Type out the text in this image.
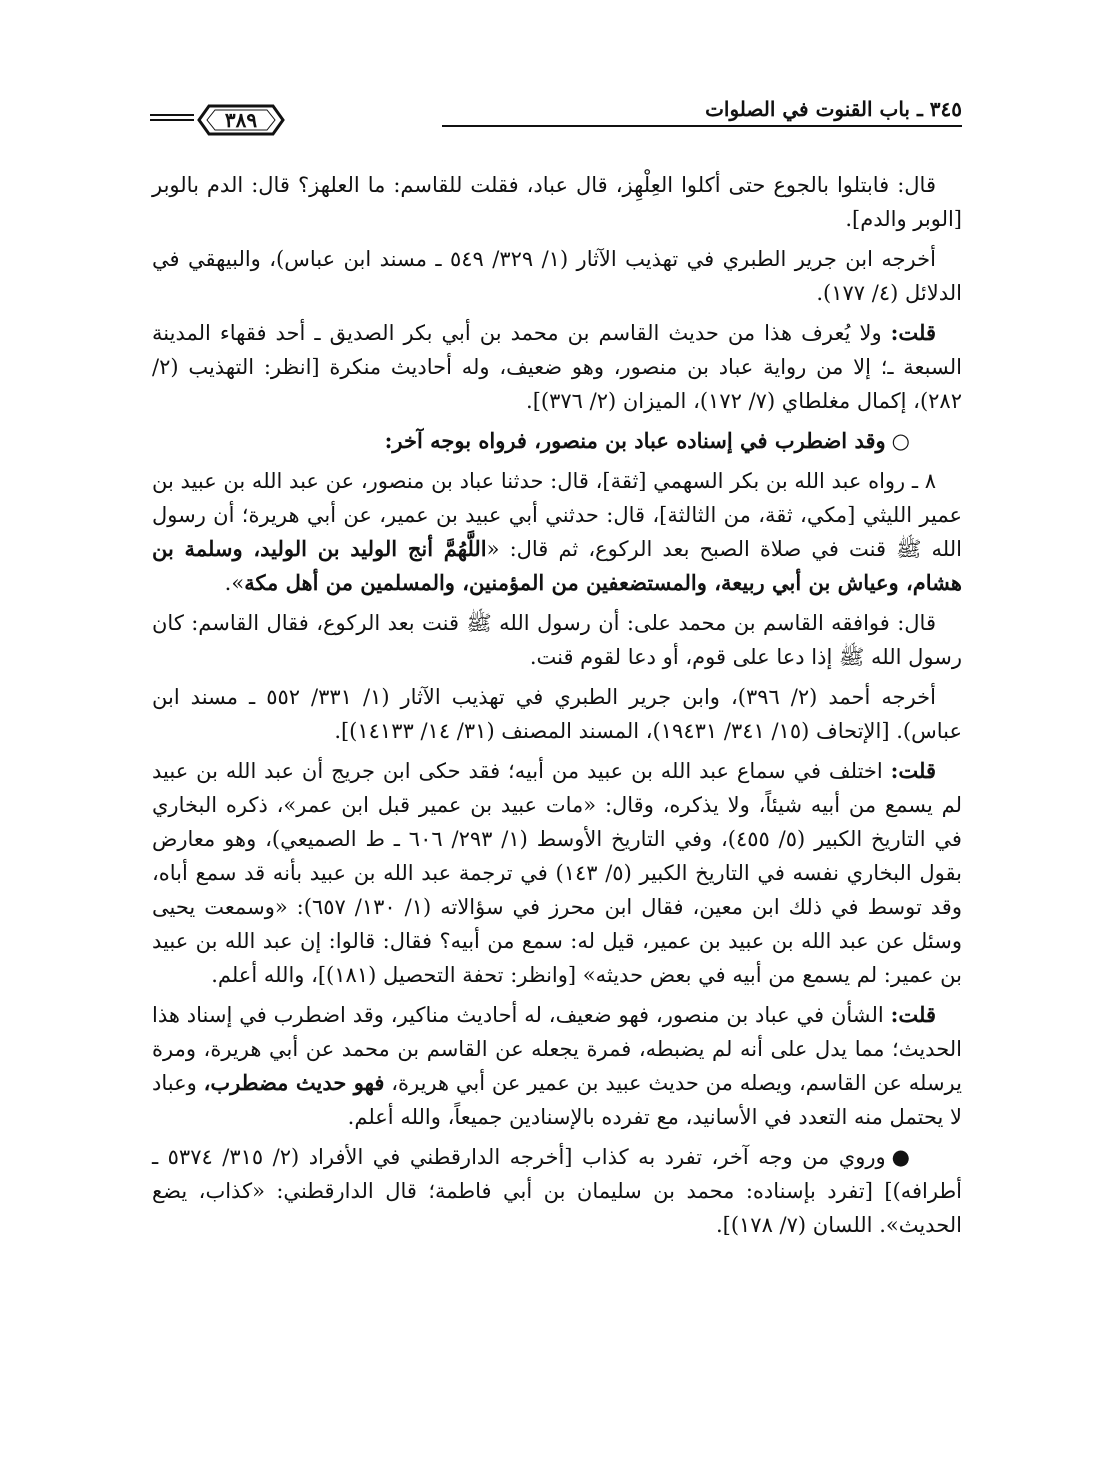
٣٤٥ ـ باب القنوت في الصلوات
٣٨٩

قال: فابتلوا بالجوع حتى أكلوا العِلْهِز، قال عباد، فقلت للقاسم: ما العلهز؟ قال: الدم بالوبر [الوبر والدم].

أخرجه ابن جرير الطبري في تهذيب الآثار (١/ ٣٢٩/ ٥٤٩ ـ مسند ابن عباس)، والبيهقي في الدلائل (٤/ ١٧٧).

قلت: ولا يُعرف هذا من حديث القاسم بن محمد بن أبي بكر الصديق ـ أحد فقهاء المدينة السبعة ـ؛ إلا من رواية عباد بن منصور، وهو ضعيف، وله أحاديث منكرة [انظر: التهذيب (٢/ ٢٨٢)، إكمال مغلطاي (٧/ ١٧٢)، الميزان (٢/ ٣٧٦)].

○وقد اضطرب في إسناده عباد بن منصور، فرواه بوجه آخر:

٨ ـ رواه عبد الله بن بكر السهمي [ثقة]، قال: حدثنا عباد بن منصور، عن عبد الله بن عبيد بن عمير الليثي [مكي، ثقة، من الثالثة]، قال: حدثني أبي عبيد بن عمير، عن أبي هريرة؛ أن رسول الله ﷺ قنت في صلاة الصبح بعد الركوع، ثم قال: «اللَّهُمَّ أنج الوليد بن الوليد، وسلمة بن هشام، وعياش بن أبي ربيعة، والمستضعفين من المؤمنين، والمسلمين من أهل مكة».

قال: فوافقه القاسم بن محمد على: أن رسول الله ﷺ قنت بعد الركوع، فقال القاسم: كان رسول الله ﷺ إذا دعا على قوم، أو دعا لقوم قنت.

أخرجه أحمد (٢/ ٣٩٦)، وابن جرير الطبري في تهذيب الآثار (١/ ٣٣١/ ٥٥٢ ـ مسند ابن عباس). [الإتحاف (١٥/ ٣٤١/ ١٩٤٣١)، المسند المصنف (٣١/ ١٤/ ١٤١٣٣)].

قلت: اختلف في سماع عبد الله بن عبيد من أبيه؛ فقد حكى ابن جريج أن عبد الله بن عبيد لم يسمع من أبيه شيئاً، ولا يذكره، وقال: «مات عبيد بن عمير قبل ابن عمر»، ذكره البخاري في التاريخ الكبير (٥/ ٤٥٥)، وفي التاريخ الأوسط (١/ ٢٩٣/ ٦٠٦ ـ ط الصميعي)، وهو معارض بقول البخاري نفسه في التاريخ الكبير (٥/ ١٤٣) في ترجمة عبد الله بن عبيد بأنه قد سمع أباه، وقد توسط في ذلك ابن معين، فقال ابن محرز في سؤالاته (١/ ١٣٠/ ٦٥٧): «وسمعت يحيى وسئل عن عبد الله بن عبيد بن عمير، قيل له: سمع من أبيه؟ فقال: قالوا: إن عبد الله بن عبيد بن عمير: لم يسمع من أبيه في بعض حديثه» [وانظر: تحفة التحصيل (١٨١)]، والله أعلم.

قلت: الشأن في عباد بن منصور، فهو ضعيف، له أحاديث مناكير، وقد اضطرب في إسناد هذا الحديث؛ مما يدل على أنه لم يضبطه، فمرة يجعله عن القاسم بن محمد عن أبي هريرة، ومرة يرسله عن القاسم، ويصله من حديث عبيد بن عمير عن أبي هريرة، فهو حديث مضطرب، وعباد لا يحتمل منه التعدد في الأسانيد، مع تفرده بالإسنادين جميعاً، والله أعلم.

●وروي من وجه آخر، تفرد به كذاب [أخرجه الدارقطني في الأفراد (٢/ ٣١٥/ ٥٣٧٤ ـ أطرافه)] [تفرد بإسناده: محمد بن سليمان بن أبي فاطمة؛ قال الدارقطني: «كذاب، يضع الحديث». اللسان (٧/ ١٧٨)].
